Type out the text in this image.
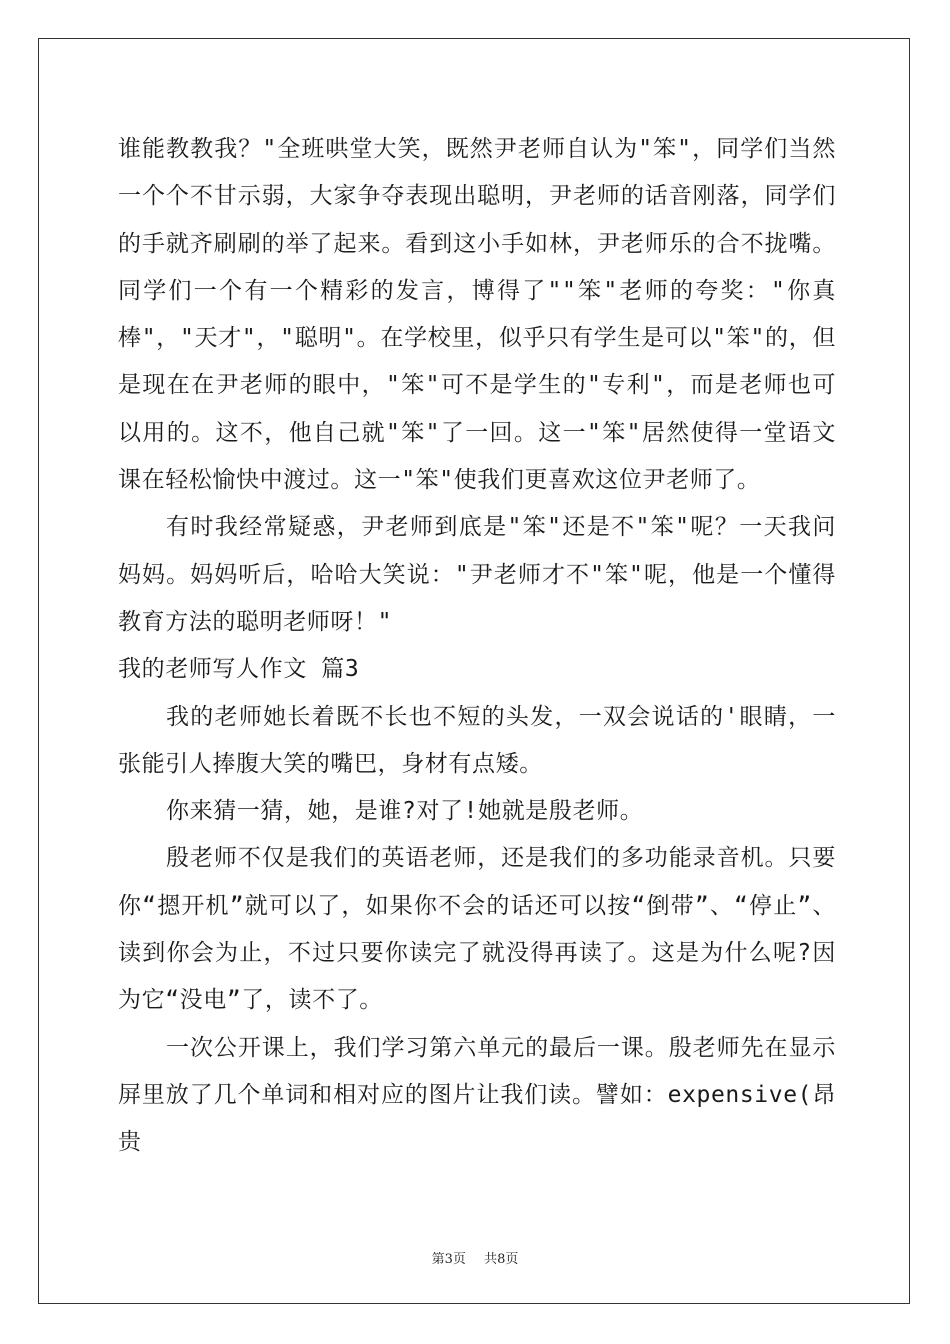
谁能教教我？"全班哄堂大笑，既然尹老师自认为"笨"，同学们当然一个个不甘示弱，大家争夺表现出聪明，尹老师的话音刚落，同学们的手就齐刷刷的举了起来。看到这小手如林，尹老师乐的合不拢嘴。同学们一个有一个精彩的发言，博得了""笨"老师的夸奖："你真棒"，"天才"，"聪明"。在学校里，似乎只有学生是可以"笨"的，但是现在在尹老师的眼中，"笨"可不是学生的"专利"，而是老师也可以用的。这不，他自己就"笨"了一回。这一"笨"居然使得一堂语文课在轻松愉快中渡过。这一"笨"使我们更喜欢这位尹老师了。

有时我经常疑惑，尹老师到底是"笨"还是不"笨"呢？一天我问妈妈。妈妈听后，哈哈大笑说："尹老师才不"笨"呢，他是一个懂得教育方法的聪明老师呀！"

我的老师写人作文 篇3

我的老师她长着既不长也不短的头发，一双会说话的'眼睛，一张能引人捧腹大笑的嘴巴，身材有点矮。

你来猜一猜，她，是谁?对了!她就是殷老师。

殷老师不仅是我们的英语老师，还是我们的多功能录音机。只要你“摁开机”就可以了，如果你不会的话还可以按“倒带”、“停止”、读到你会为止，不过只要你读完了就没得再读了。这是为什么呢?因为它“没电”了，读不了。

一次公开课上，我们学习第六单元的最后一课。殷老师先在显示屏里放了几个单词和相对应的图片让我们读。譬如：expensive(昂贵

第3页 共8页
